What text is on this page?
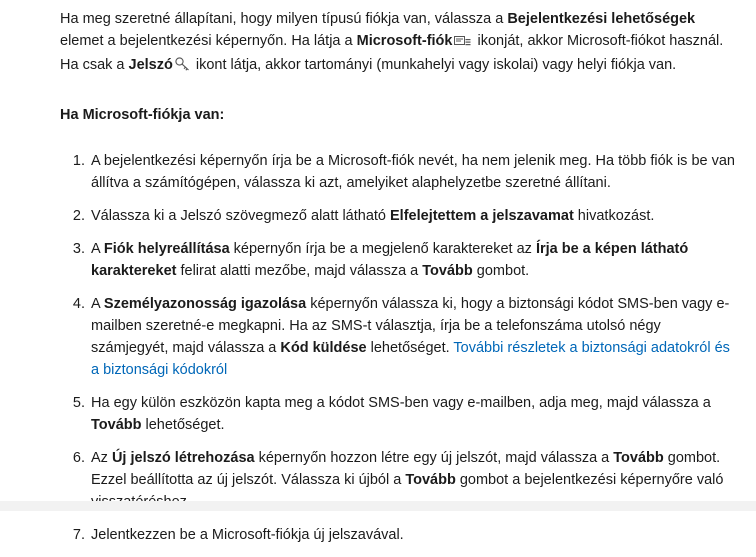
Ha meg szeretné állapítani, hogy milyen típusú fiókja van, válassza a Bejelentkezési lehetőségek elemet a bejelentkezési képernyőn. Ha látja a Microsoft-fiók ikonját, akkor Microsoft-fiókot használ. Ha csak a Jelszó ikont látja, akkor tartományi (munkahelyi vagy iskolai) vagy helyi fiókja van.

Ha Microsoft-fiókja van:

1. A bejelentkezési képernyőn írja be a Microsoft-fiók nevét, ha nem jelenik meg. Ha több fiók is be van állítva a számítógépen, válassza ki azt, amelyiket alaphelyzetbe szeretné állítani.
2. Válassza ki a Jelszó szövegmező alatt látható Elfelejtettem a jelszavamat hivatkozást.
3. A Fiók helyreállítása képernyőn írja be a megjelenő karaktereket az Írja be a képen látható karaktereket felirat alatti mezőbe, majd válassza a Tovább gombot.
4. A Személyazonosság igazolása képernyőn válassza ki, hogy a biztonsági kódot SMS-ben vagy e-mailben szeretné-e megkapni. Ha az SMS-t választja, írja be a telefonszáma utolsó négy számjegyét, majd válassza a Kód küldése lehetőséget. További részletek a biztonsági adatokról és a biztonsági kódokról
5. Ha egy külön eszközön kapta meg a kódot SMS-ben vagy e-mailben, adja meg, majd válassza a Tovább lehetőséget.
6. Az Új jelszó létrehozása képernyőn hozzon létre egy új jelszót, majd válassza a Tovább gombot. Ezzel beállította az új jelszót. Válassza ki újból a Tovább gombot a bejelentkezési képernyőre való
7. Jelentkezzen be a Microsoft-fiókja új jelszavával.
